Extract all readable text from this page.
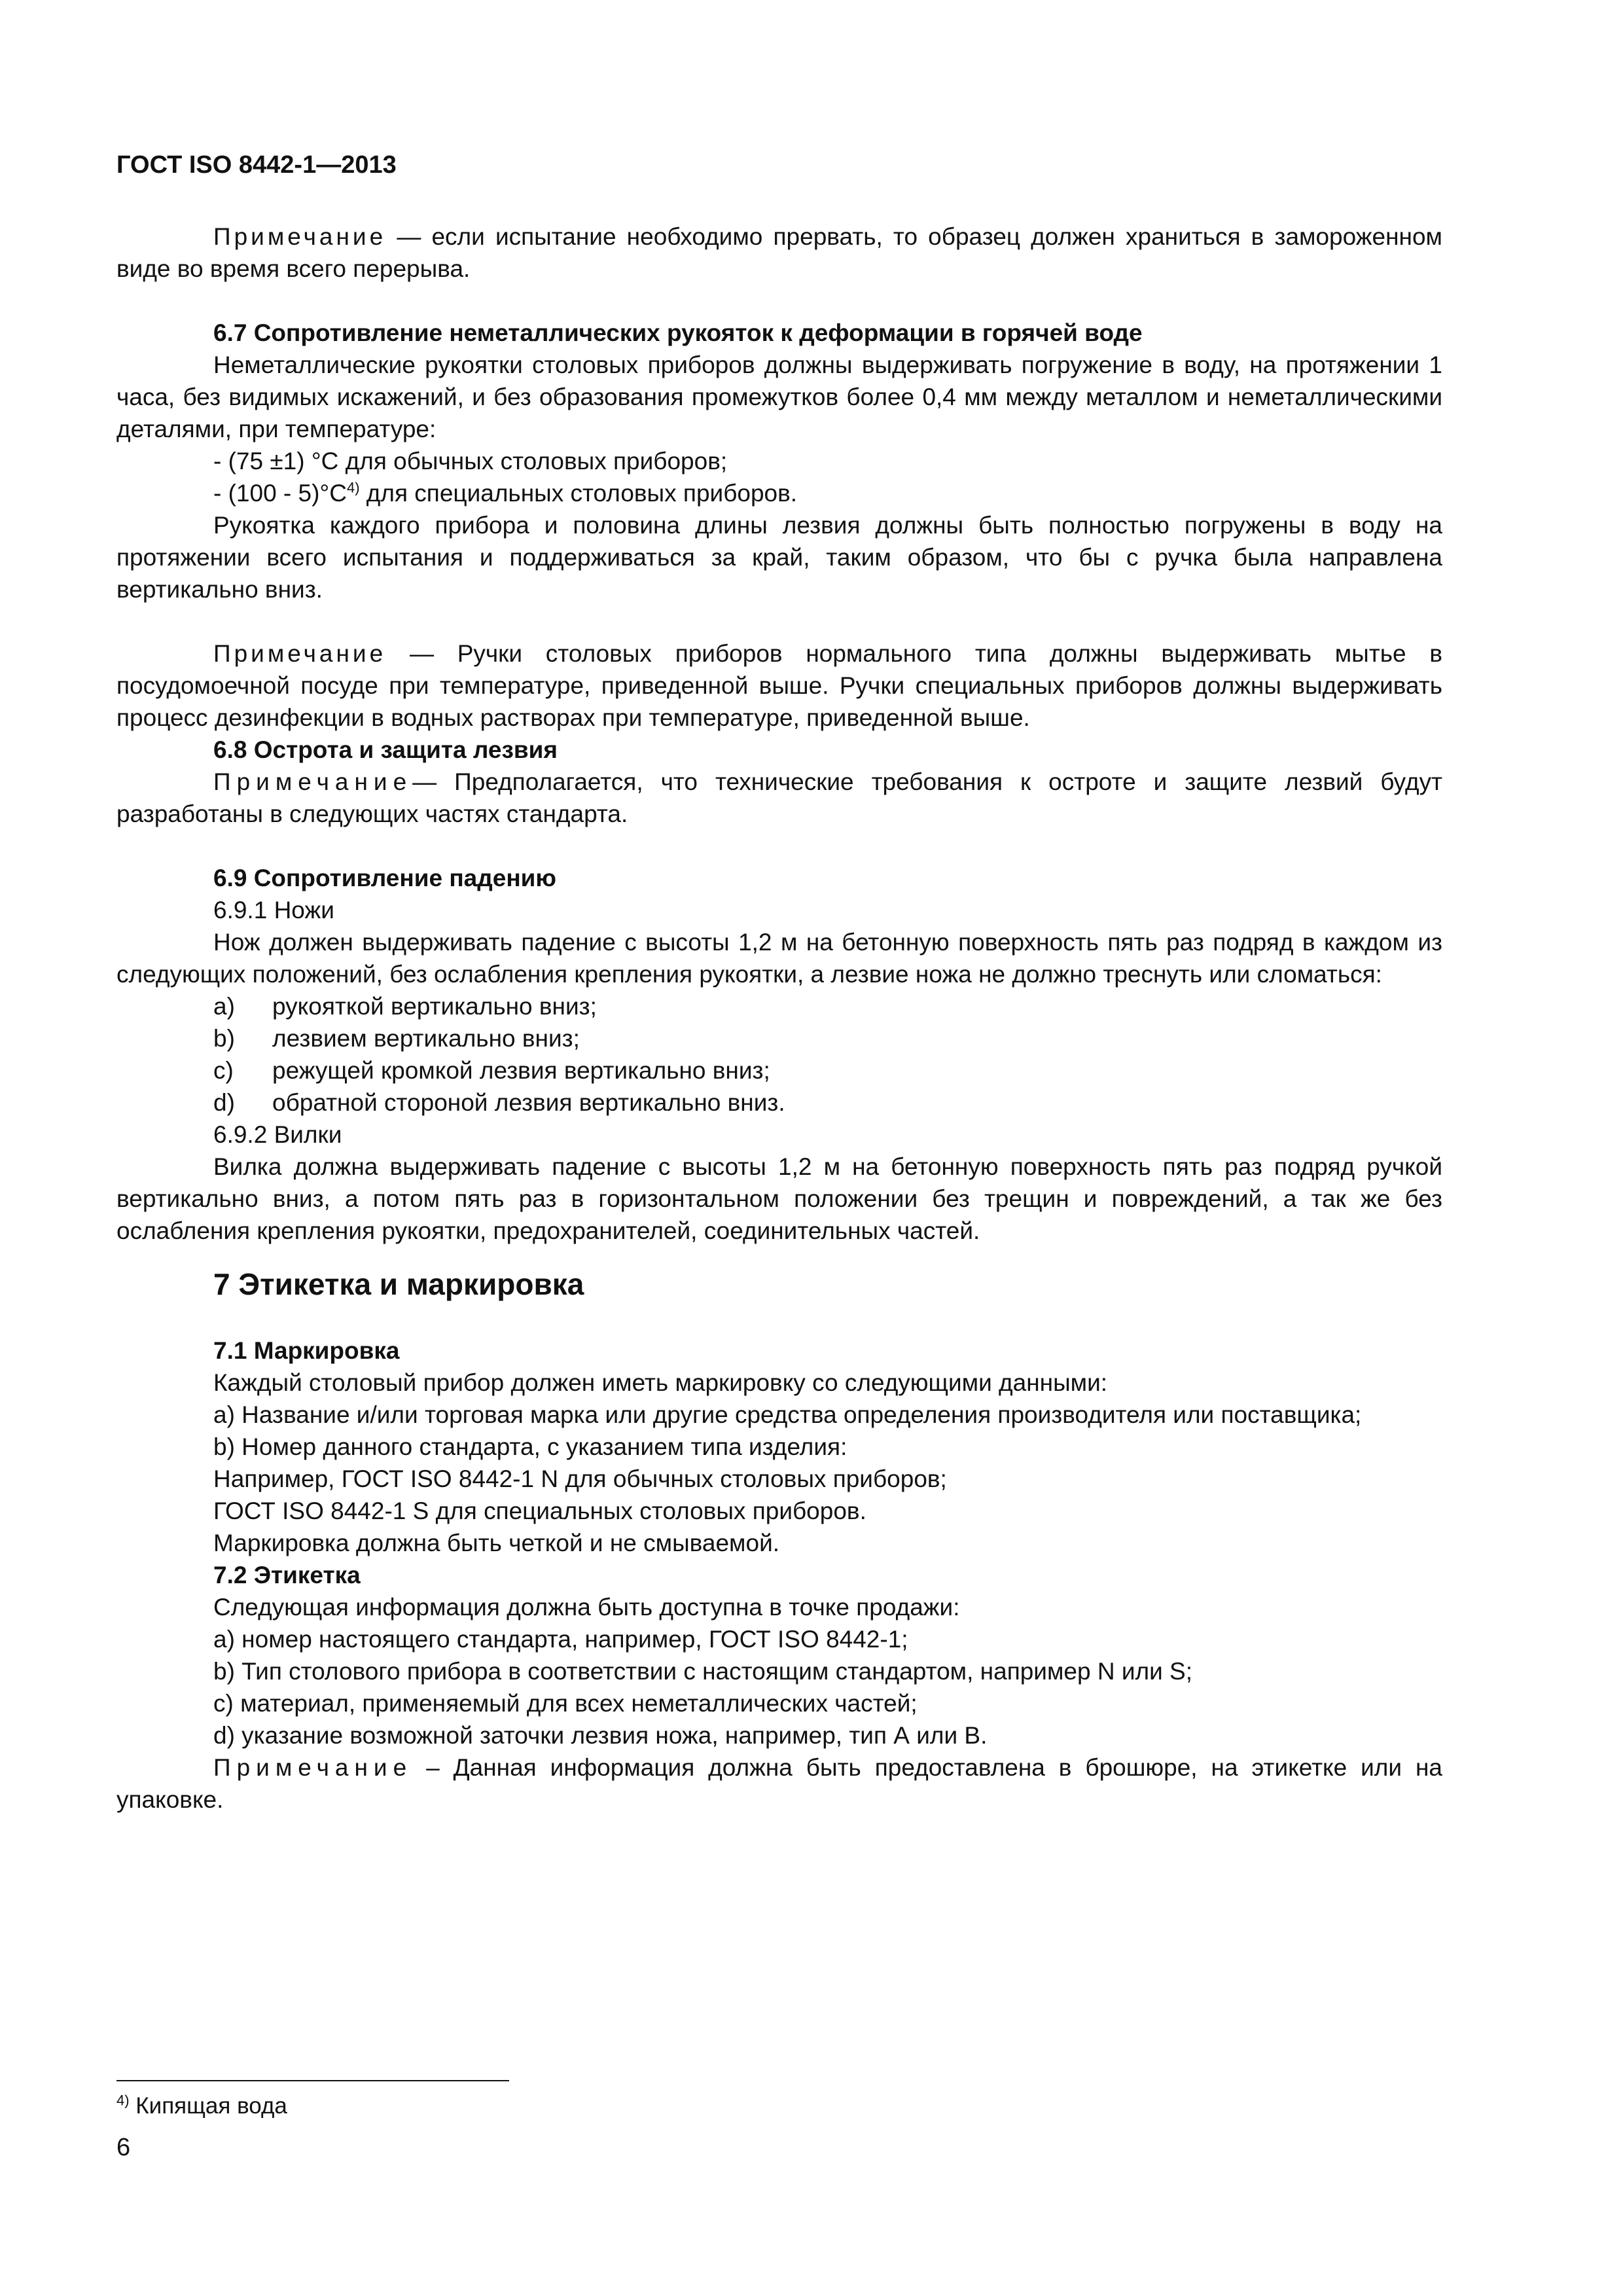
ГОСТ ISO 8442-1—2013

Примечание — если испытание необходимо прервать, то образец должен храниться в замороженном виде во время всего перерыва.

6.7 Сопротивление неметаллических рукояток к деформации в горячей воде

Неметаллические рукоятки столовых приборов должны выдерживать погружение в воду, на протяжении 1 часа, без видимых искажений, и без образования промежутков более 0,4 мм между металлом и неметаллическими деталями, при температуре:

- (75 ±1) °С для обычных столовых приборов;

- $(100 - 5)^\circ С^{4)}$ для специальных столовых приборов.

Рукоятка каждого прибора и половина длины лезвия должны быть полностью погружены в воду на протяжении всего испытания и поддерживаться за край, таким образом, что бы с ручка была направлена вертикально вниз.

Примечание — Ручки столовых приборов нормального типа должны выдерживать мытье в посудомоечной посуде при температуре, приведенной выше. Ручки специальных приборов должны выдерживать процесс дезинфекции в водных растворах при температуре, приведенной выше.

6.8 Острота и защита лезвия

Примечание— Предполагается, что технические требования к остроте и защите лезвий будут разработаны в следующих частях стандарта.

6.9 Сопротивление падению

6.9.1 Ножи

Нож должен выдерживать падение с высоты 1,2 м на бетонную поверхность пять раз подряд в каждом из следующих положений, без ослабления крепления рукоятки, а лезвие ножа не должно треснуть или сломаться:

a)	рукояткой вертикально вниз;
b)	лезвием вертикально вниз;
c)	режущей кромкой лезвия вертикально вниз;
d)	обратной стороной лезвия вертикально вниз.

6.9.2 Вилки

Вилка должна выдерживать падение с высоты 1,2 м на бетонную поверхность пять раз подряд ручкой вертикально вниз, а потом пять раз в горизонтальном положении без трещин и повреждений, а так же без ослабления крепления рукоятки, предохранителей, соединительных частей.

7 Этикетка и маркировка

7.1 Маркировка

Каждый столовый прибор должен иметь маркировку со следующими данными:

a) Название и/или торговая марка или другие средства определения производителя или поставщика;

b) Номер данного стандарта, с указанием типа изделия:

Например, ГОСТ ISO 8442-1 N для обычных столовых приборов;

ГОСТ ISO 8442-1 S для специальных столовых приборов.

Маркировка должна быть четкой и не смываемой.

7.2 Этикетка

Следующая информация должна быть доступна в точке продажи:

a) номер настоящего стандарта, например, ГОСТ ISO 8442-1;

b) Тип столового прибора в соответствии с настоящим стандартом, например N или S;

c) материал, применяемый для всех неметаллических частей;

d) указание возможной заточки лезвия ножа, например, тип А или В.

Примечание – Данная информация должна быть предоставлена в брошюре, на этикетке или на упаковке.

$^{4)}$ Кипящая вода
6
